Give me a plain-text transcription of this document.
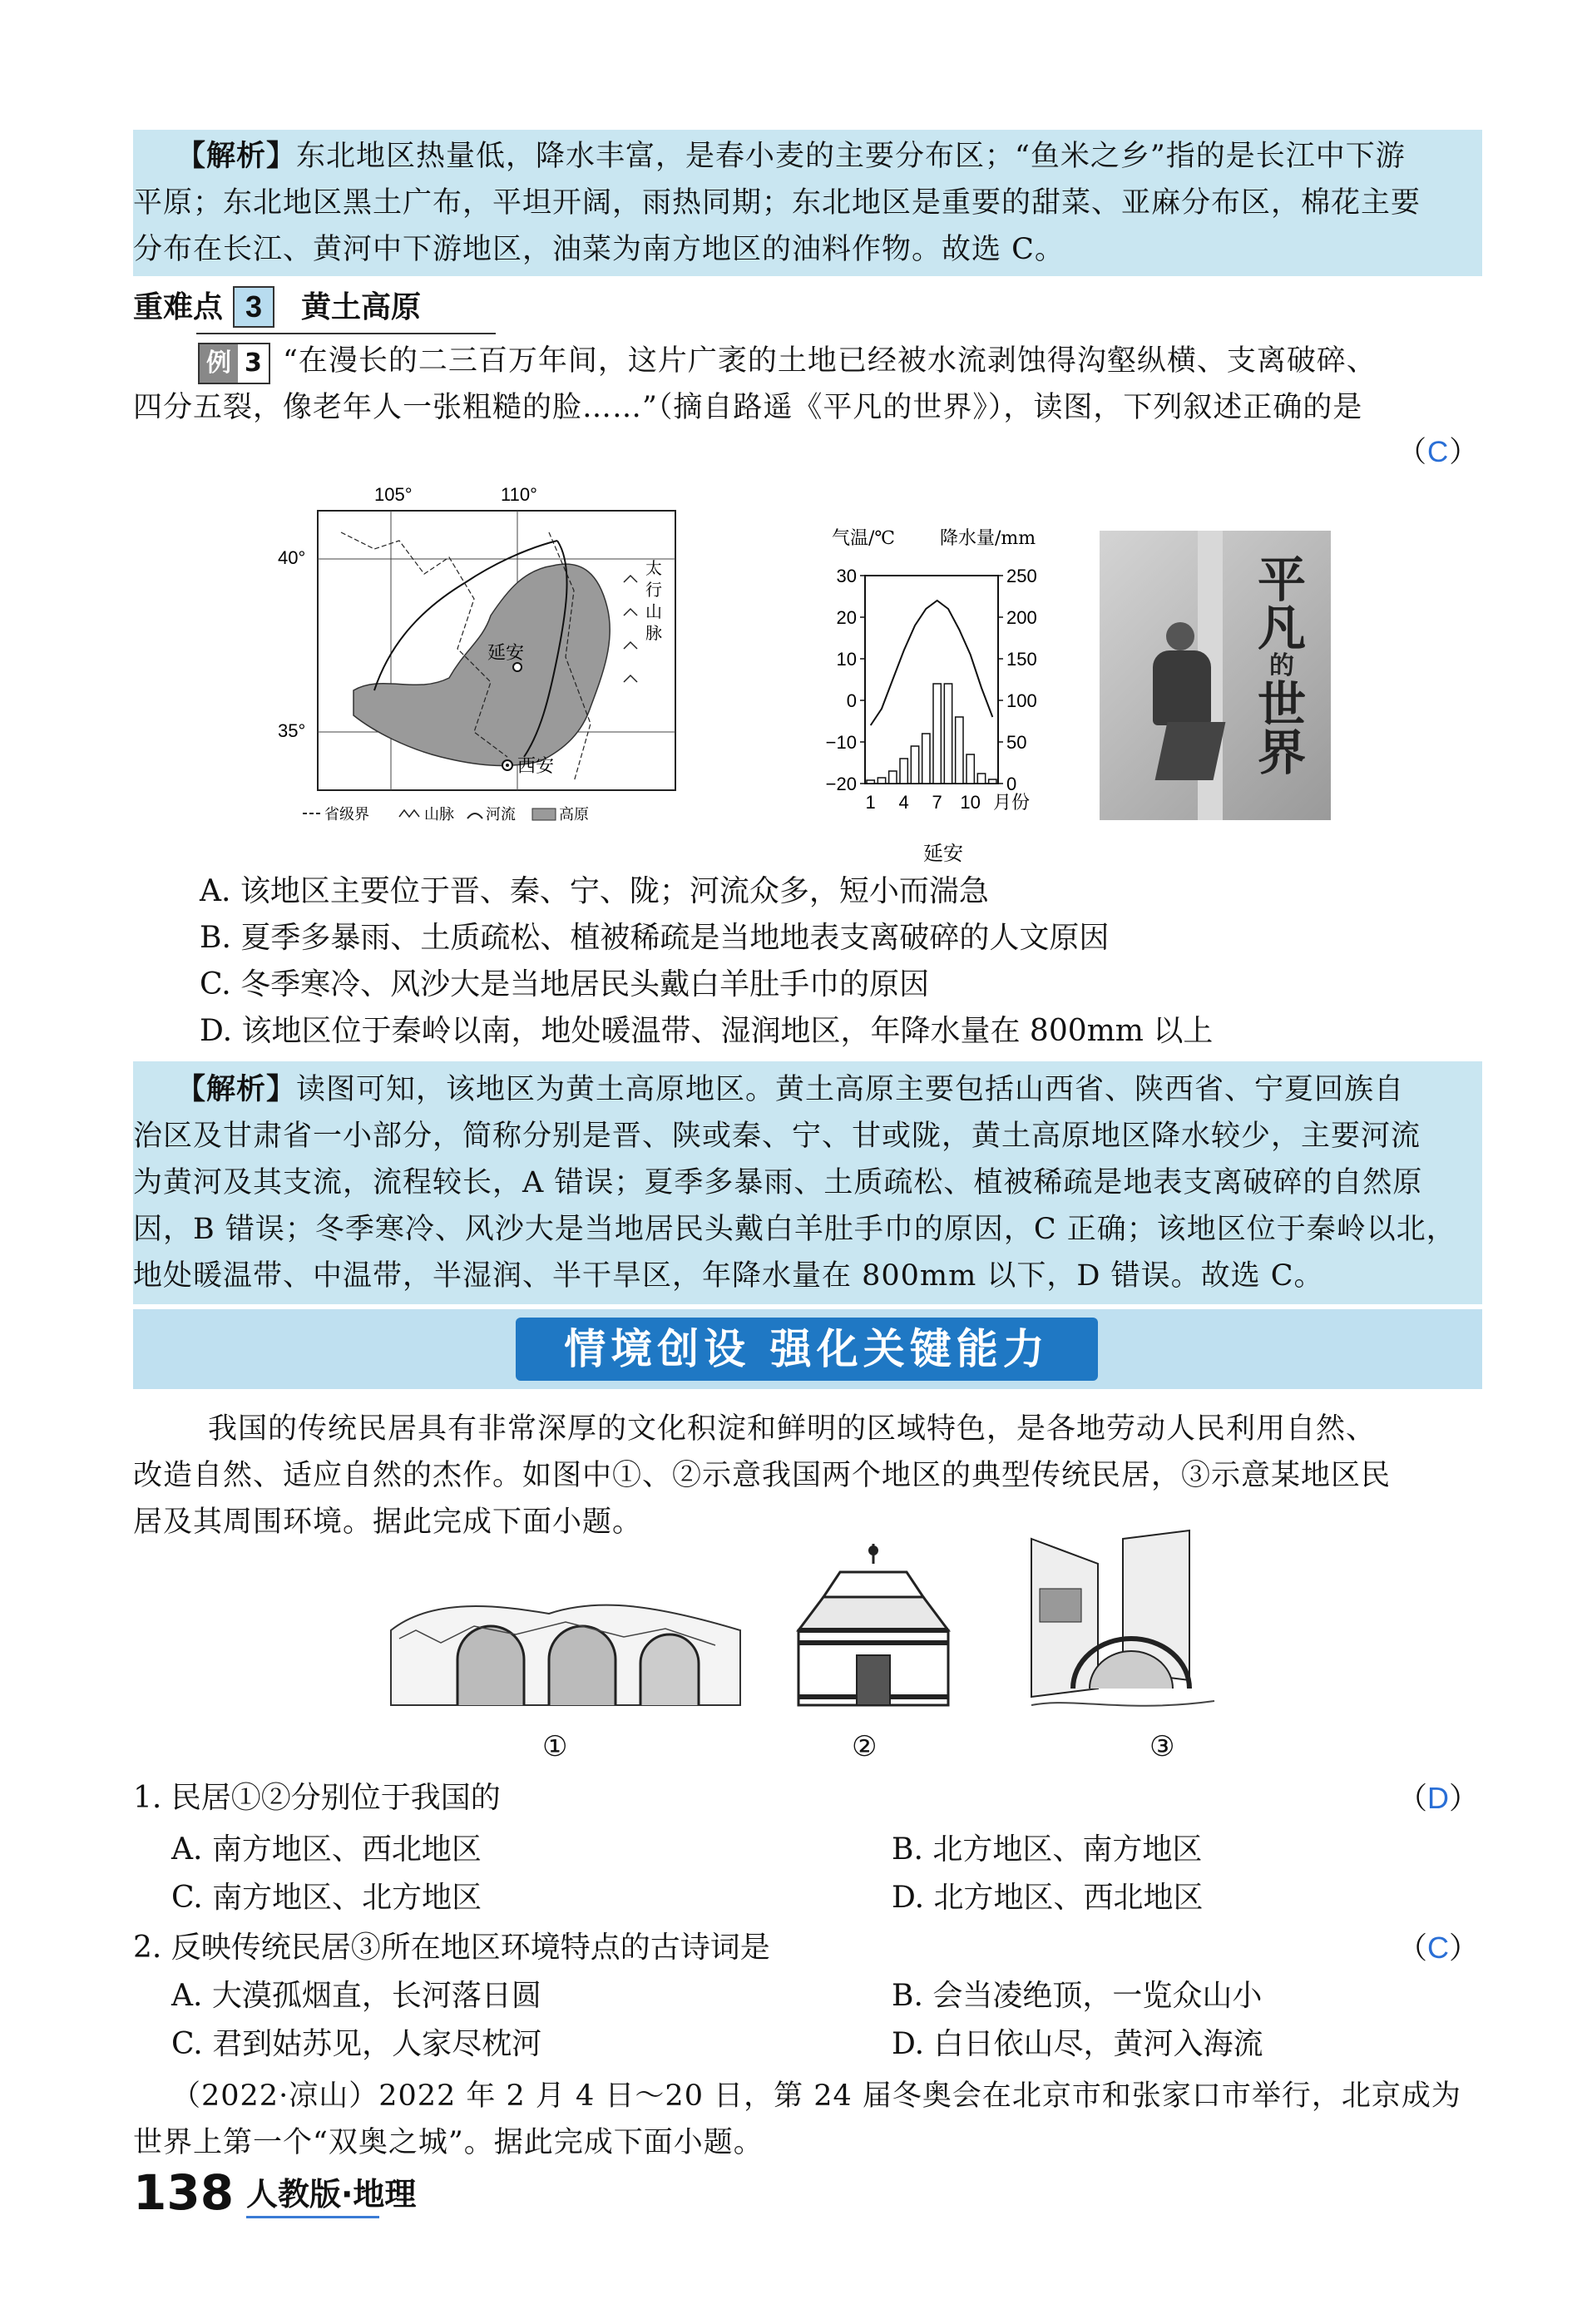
【解析】东北地区热量低，降水丰富，是春小麦的主要分布区；“鱼米之乡”指的是长江中下游
平原；东北地区黑土广布，平坦开阔，雨热同期；东北地区是重要的甜菜、亚麻分布区，棉花主要
分布在长江、黄河中下游地区，油菜为南方地区的油料作物。故选 C。
重难点 3 黄土高原
例 3 “在漫长的二三百万年间，这片广袤的土地已经被水流剥蚀得沟壑纵横、支离破碎、
四分五裂，像老年人一张粗糙的脸……”（摘自路遥《平凡的世界》），读图，下列叙述正确的是
（C）
105°	110°
40°
35°
太
行
山
脉
延安
西安
省级界	山脉 河流	高原
气温/℃ 降水量/mm
30
20
10
0
−10
−20
250
200
150
100
50
0
1 4 7 10 月份
延安
平
凡
的
世
界
A. 该地区主要位于晋、秦、宁、陇；河流众多，短小而湍急
B. 夏季多暴雨、土质疏松、植被稀疏是当地地表支离破碎的人文原因
C. 冬季寒冷、风沙大是当地居民头戴白羊肚手巾的原因
D. 该地区位于秦岭以南，地处暖温带、湿润地区，年降水量在 800mm 以上
【解析】读图可知，该地区为黄土高原地区。黄土高原主要包括山西省、陕西省、宁夏回族自
治区及甘肃省一小部分，简称分别是晋、陕或秦、宁、甘或陇，黄土高原地区降水较少，主要河流
为黄河及其支流，流程较长，A 错误；夏季多暴雨、土质疏松、植被稀疏是地表支离破碎的自然原
因，B 错误；冬季寒冷、风沙大是当地居民头戴白羊肚手巾的原因，C 正确；该地区位于秦岭以北，
地处暖温带、中温带，半湿润、半干旱区，年降水量在 800mm 以下，D 错误。故选 C。
情境创设 强化关键能力
我国的传统民居具有非常深厚的文化积淀和鲜明的区域特色，是各地劳动人民利用自然、
改造自然、适应自然的杰作。如图中①、②示意我国两个地区的典型传统民居，③示意某地区民
居及其周围环境。据此完成下面小题。
①	②	③
1. 民居①②分别位于我国的	（D）
A. 南方地区、西北地区	B. 北方地区、南方地区
C. 南方地区、北方地区	D. 北方地区、西北地区
2. 反映传统民居③所在地区环境特点的古诗词是	（C）
A. 大漠孤烟直，长河落日圆	B. 会当凌绝顶，一览众山小
C. 君到姑苏见，人家尽枕河	D. 白日依山尽，黄河入海流
（2022·凉山）2022 年 2 月 4 日～20 日，第 24 届冬奥会在北京市和张家口市举行，北京成为
世界上第一个“双奥之城”。据此完成下面小题。
138 人教版·地理
